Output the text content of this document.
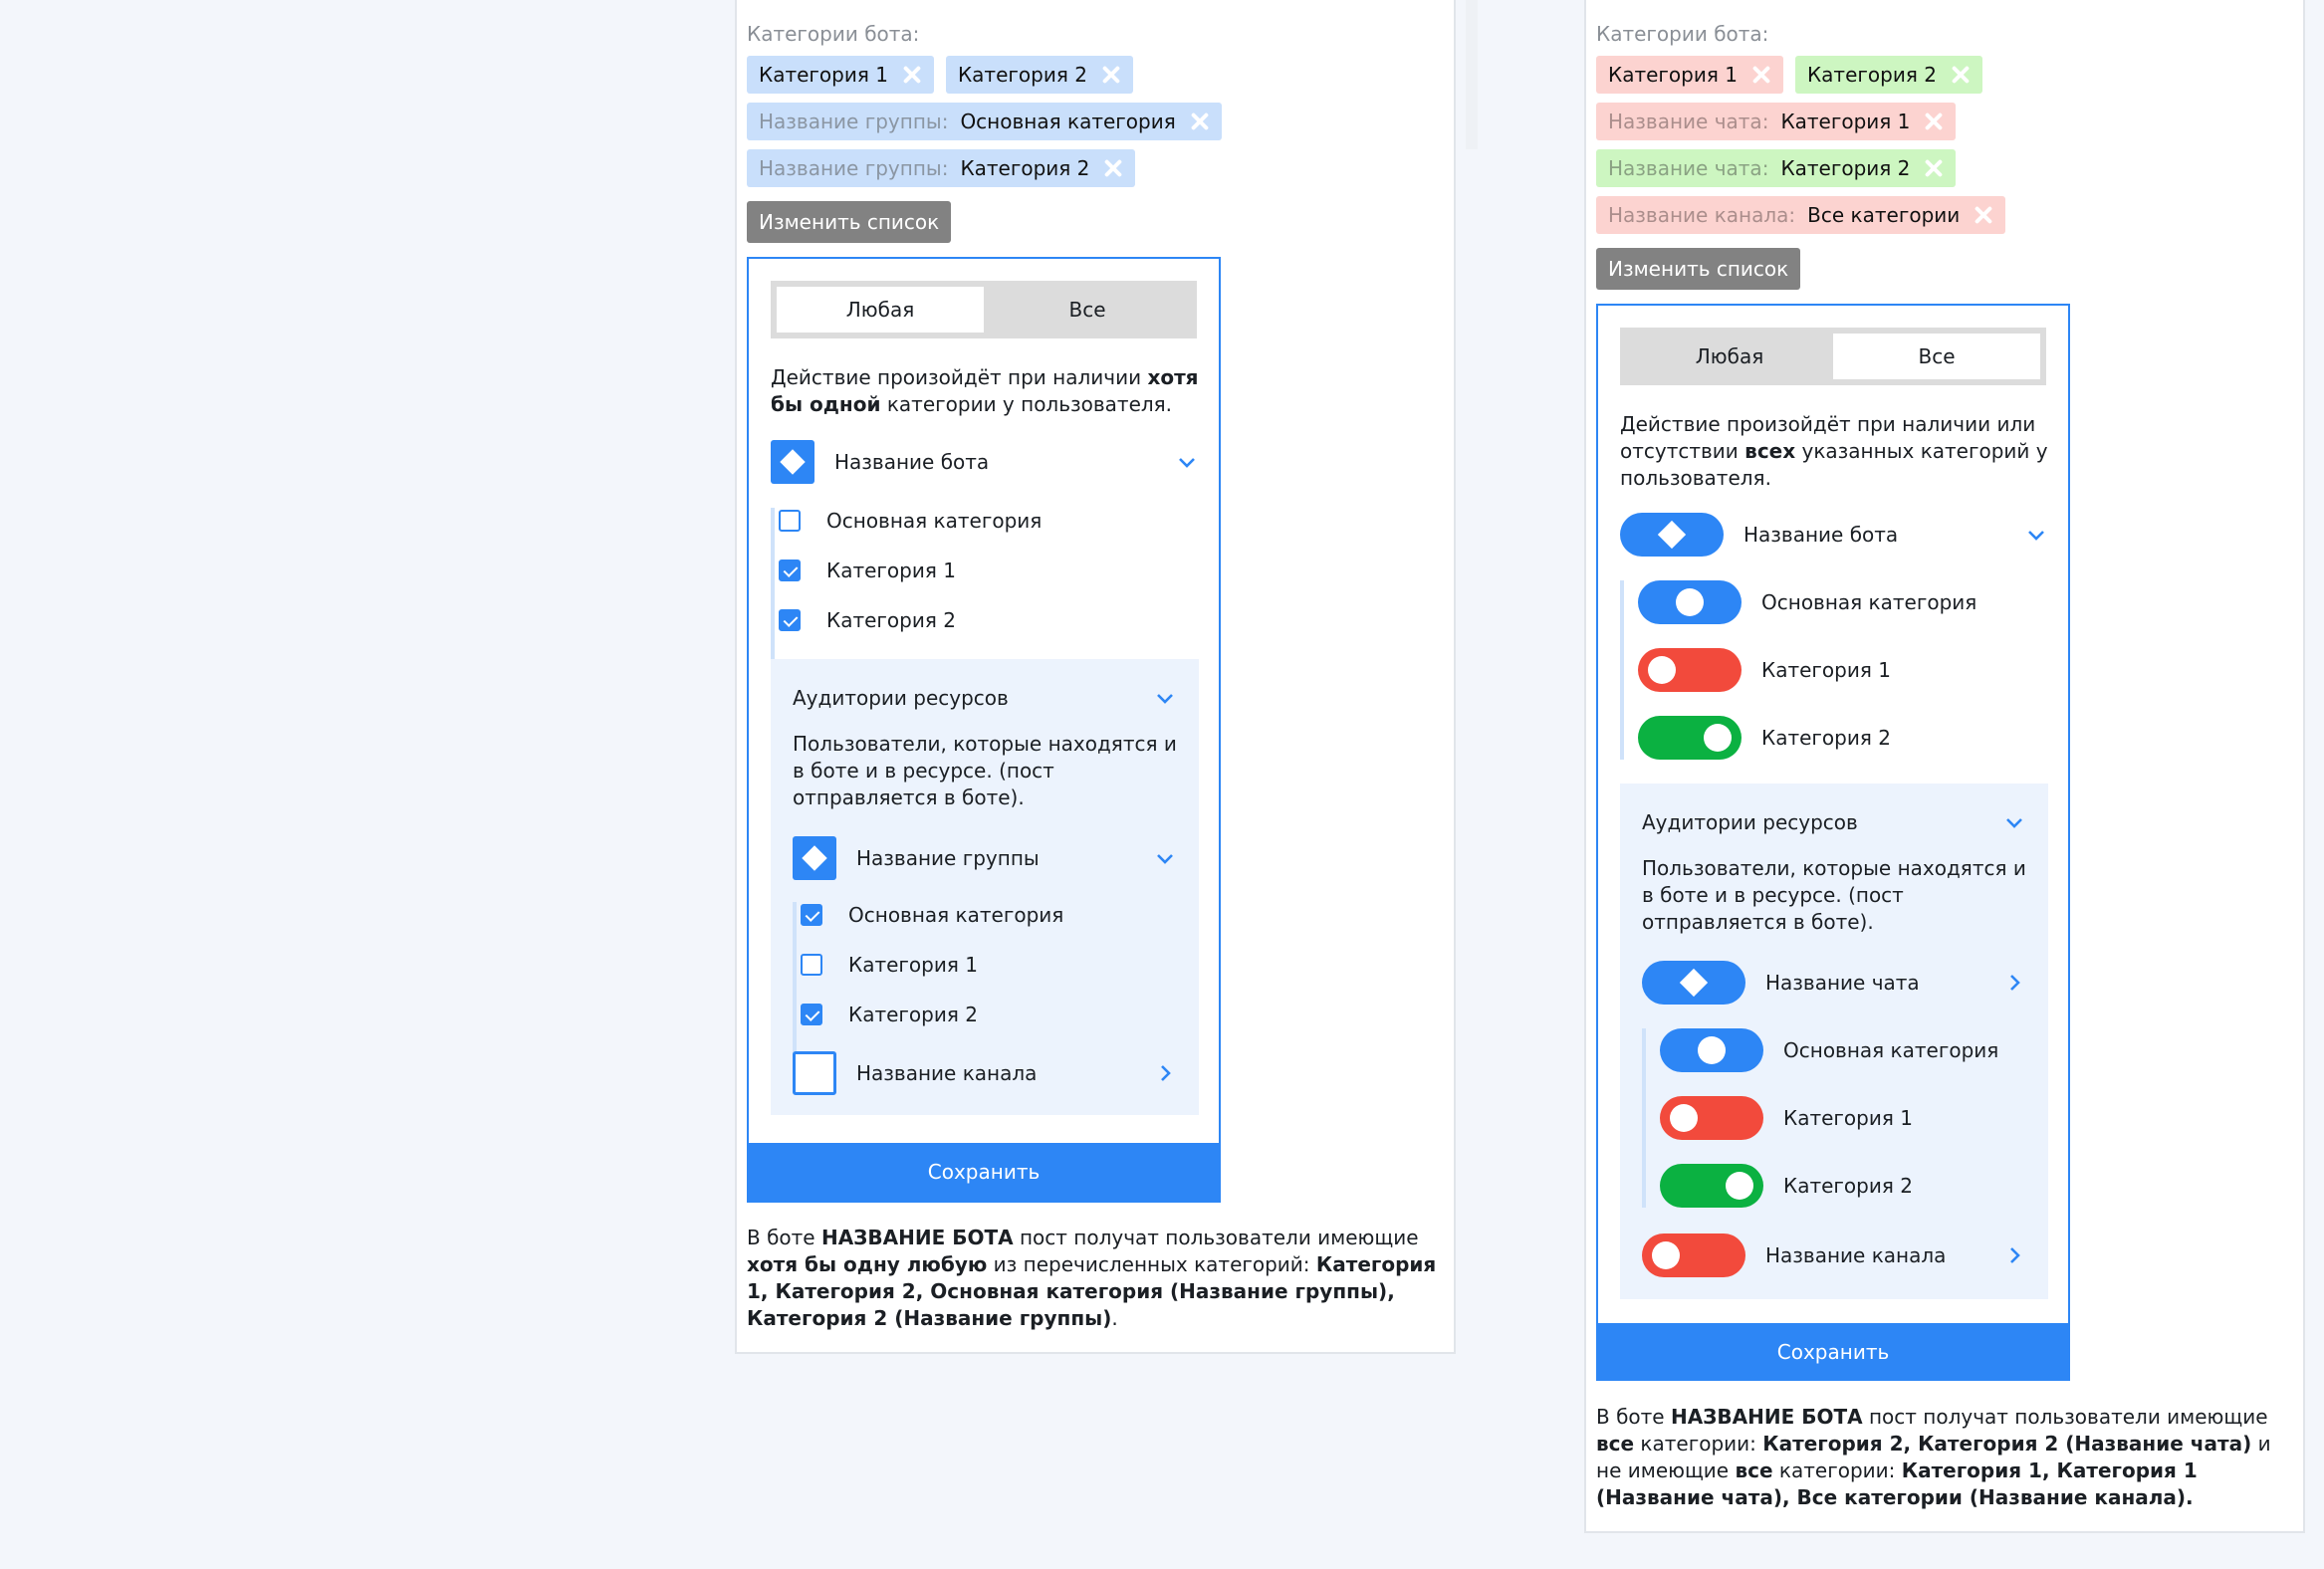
Категории бота:
Категория 1	Категория 2
Название группы: Основная категория
Название группы: Категория 2
Изменить список
Любая	Все
Действие произойдёт при наличии хотя бы одной категории у пользователя.
Название бота
Аудитории ресурсов
Пользователи, которые находятся и в боте и в ресурсе. (пост отправляется в боте).
Название группы
Название канала
Основная категория
Категория 1
Категория 2
Сохранить
Основная категория
Категория 1
Категория 2
В боте НАЗВАНИЕ БОТА пост получат пользователи имеющие хотя бы одну любую из перечисленных категорий: Категория 1, Категория 2, Основная категория (Название группы), Категория 2 (Название группы).
Категории бота:
Категория 1	Категория 2
Название чата: Категория 1
Название чата: Категория 2
Название канала: Все категории
Изменить список
Любая	Все
Действие произойдёт при наличии или отсутствии всех указанных категорий у пользователя.
Название бота
Аудитории ресурсов
Пользователи, которые находятся и в боте и в ресурсе. (пост отправляется в боте).
Название чата
Название канала
Основная категория
Категория 1
Категория 2
Сохранить
Основная категория
Категория 1
Категория 2
В боте НАЗВАНИЕ БОТА пост получат пользователи имеющие все категории: Категория 2, Категория 2 (Название чата) и не имеющие все категории: Категория 1, Категория 1 (Название чата), Все категории (Название канала).
